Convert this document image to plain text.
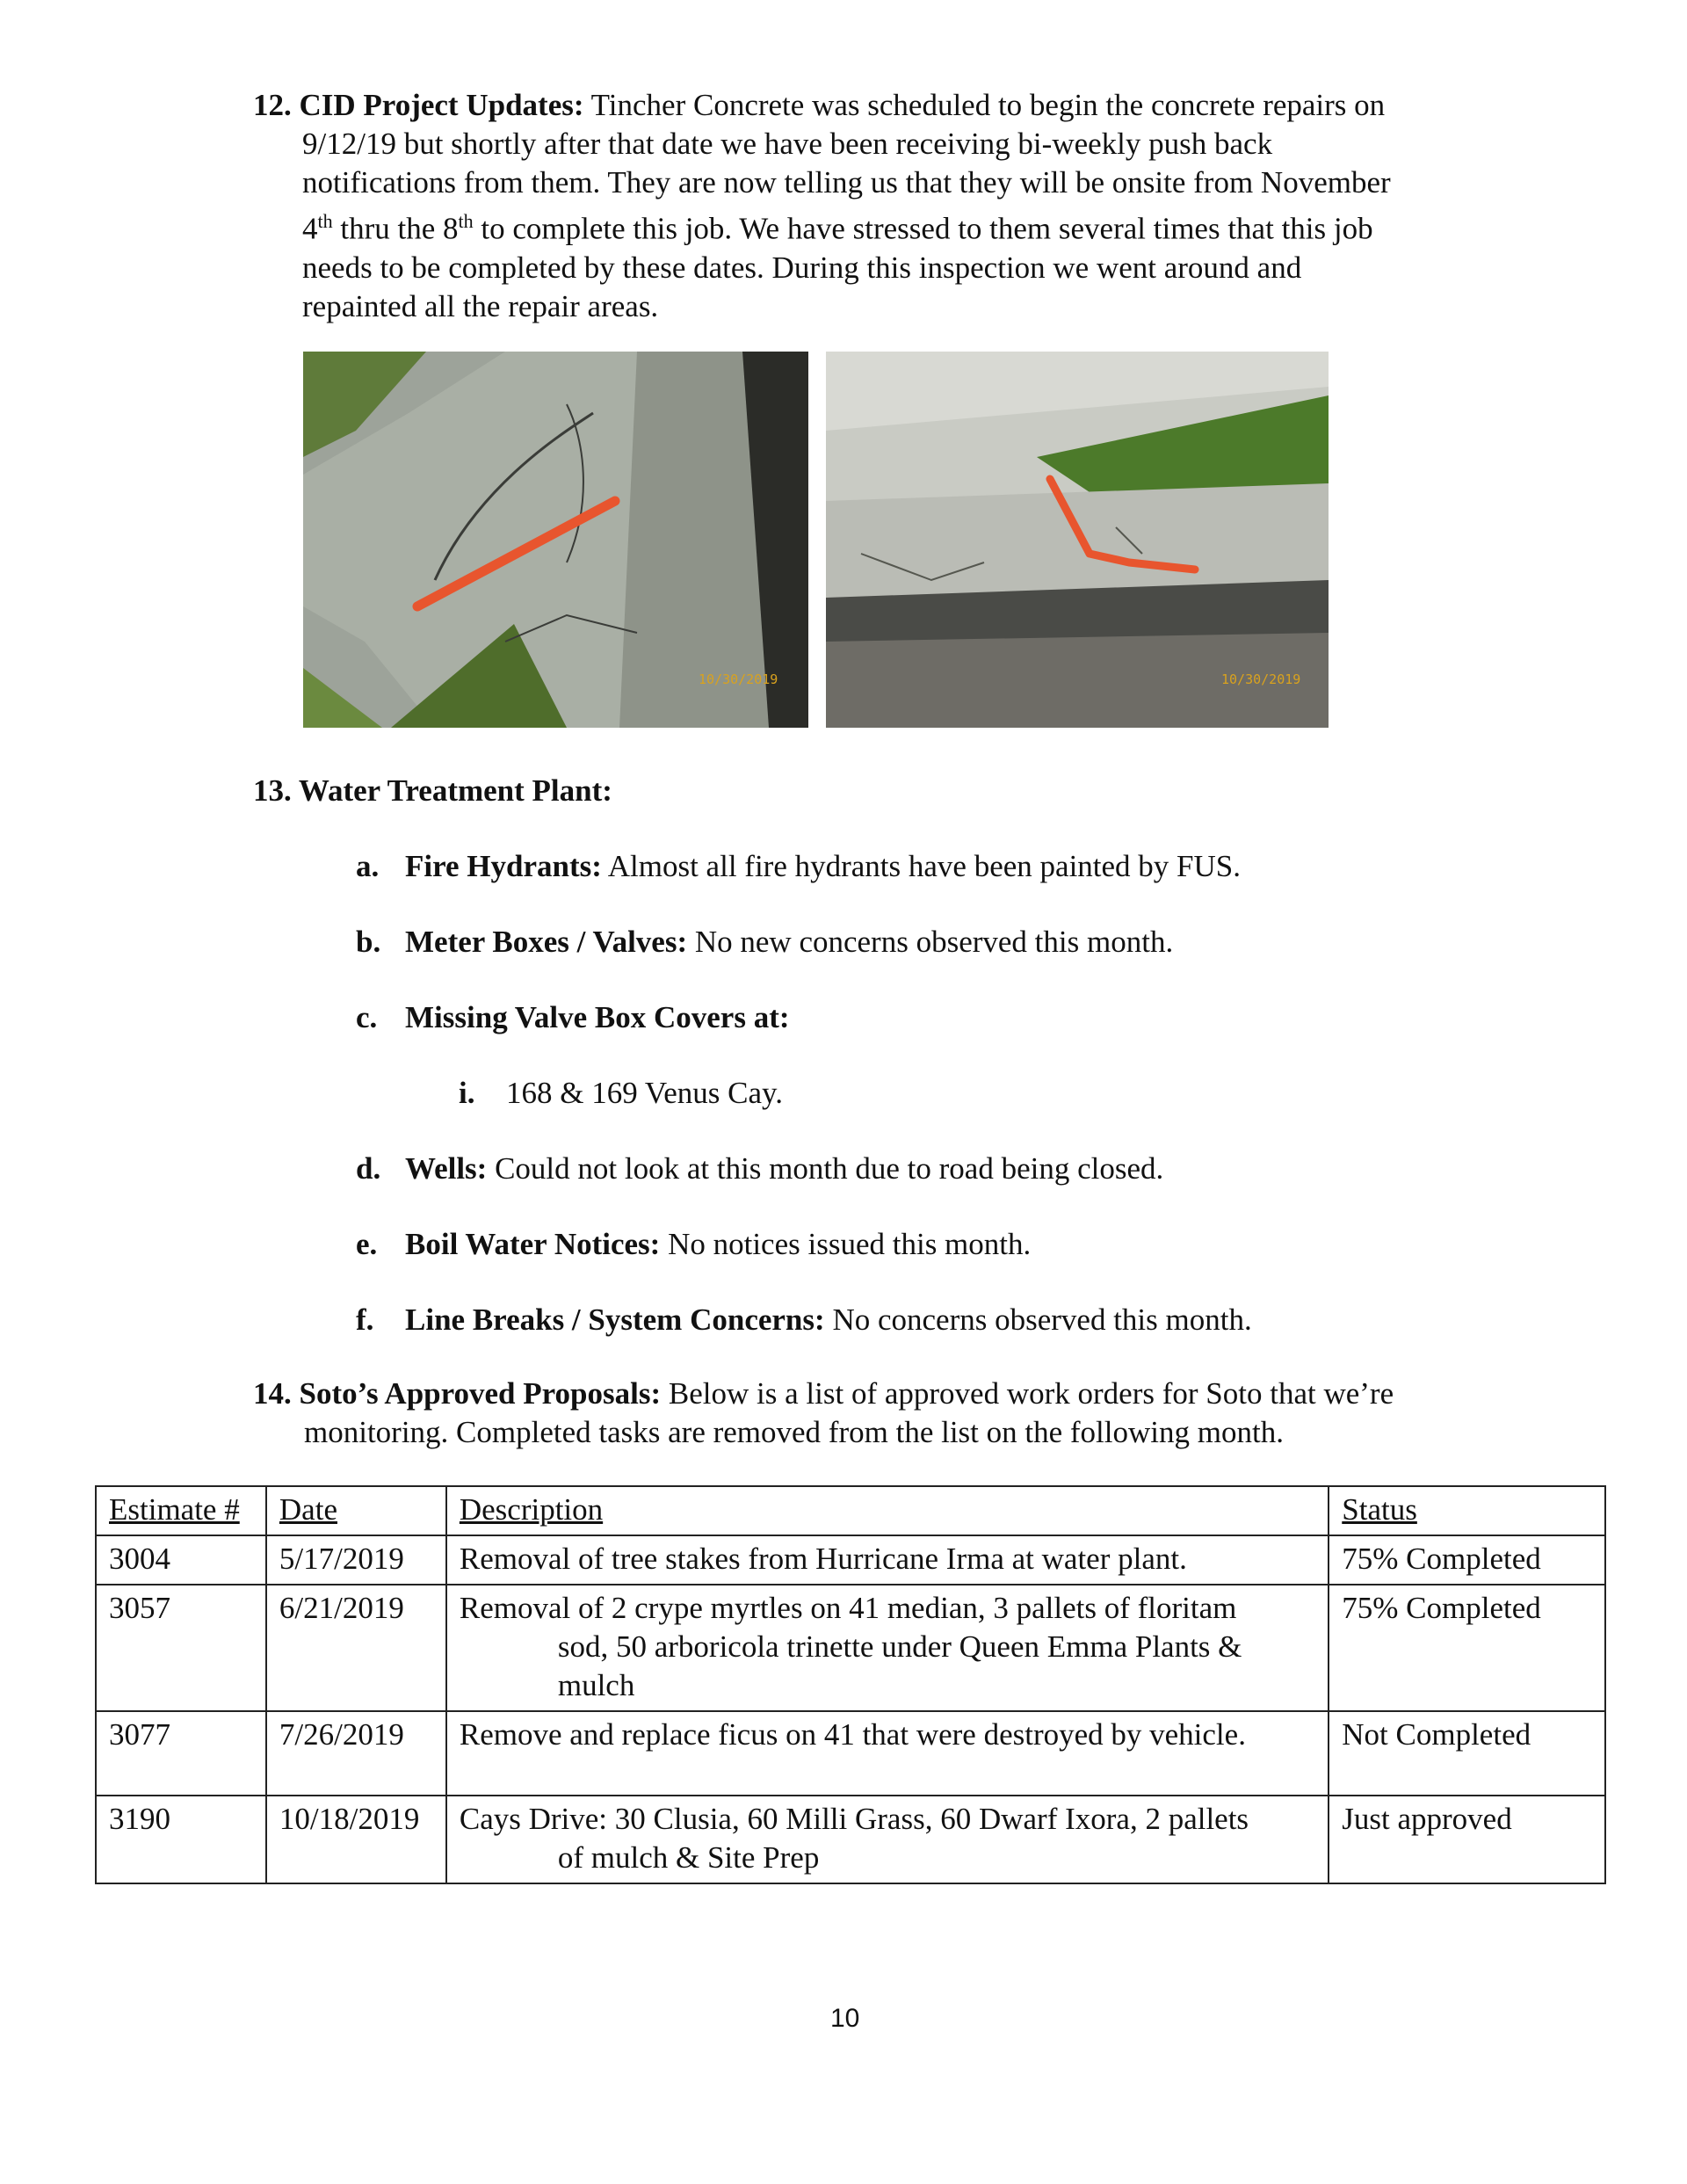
12. CID Project Updates: Tincher Concrete was scheduled to begin the concrete repairs on
9/12/19 but shortly after that date we have been receiving bi-weekly push back
notifications from them. They are now telling us that they will be onsite from November
4th thru the 8th to complete this job. We have stressed to them several times that this job
needs to be completed by these dates. During this inspection we went around and
repainted all the repair areas.
10/30/2019	10/30/2019
13. Water Treatment Plant:
a. Fire Hydrants: Almost all fire hydrants have been painted by FUS.
b. Meter Boxes / Valves: No new concerns observed this month.
c. Missing Valve Box Covers at:
i. 168 & 169 Venus Cay.
d. Wells: Could not look at this month due to road being closed.
e. Boil Water Notices: No notices issued this month.
f. Line Breaks / System Concerns: No concerns observed this month.
14. Soto’s Approved Proposals: Below is a list of approved work orders for Soto that we’re
monitoring. Completed tasks are removed from the list on the following month.
Estimate #	Date	Description	Status
3004	5/17/2019	Removal of tree stakes from Hurricane Irma at water plant.	75% Completed
3057	6/21/2019	Removal of 2 crype myrtles on 41 median, 3 pallets of floritam
sod, 50 arboricola trinette under Queen Emma Plants & mulch	75% Completed
3077	7/26/2019	Remove and replace ficus on 41 that were destroyed by vehicle.	Not Completed
3190	10/18/2019	Cays Drive: 30 Clusia, 60 Milli Grass, 60 Dwarf Ixora, 2 pallets
of mulch & Site Prep	Just approved
10
